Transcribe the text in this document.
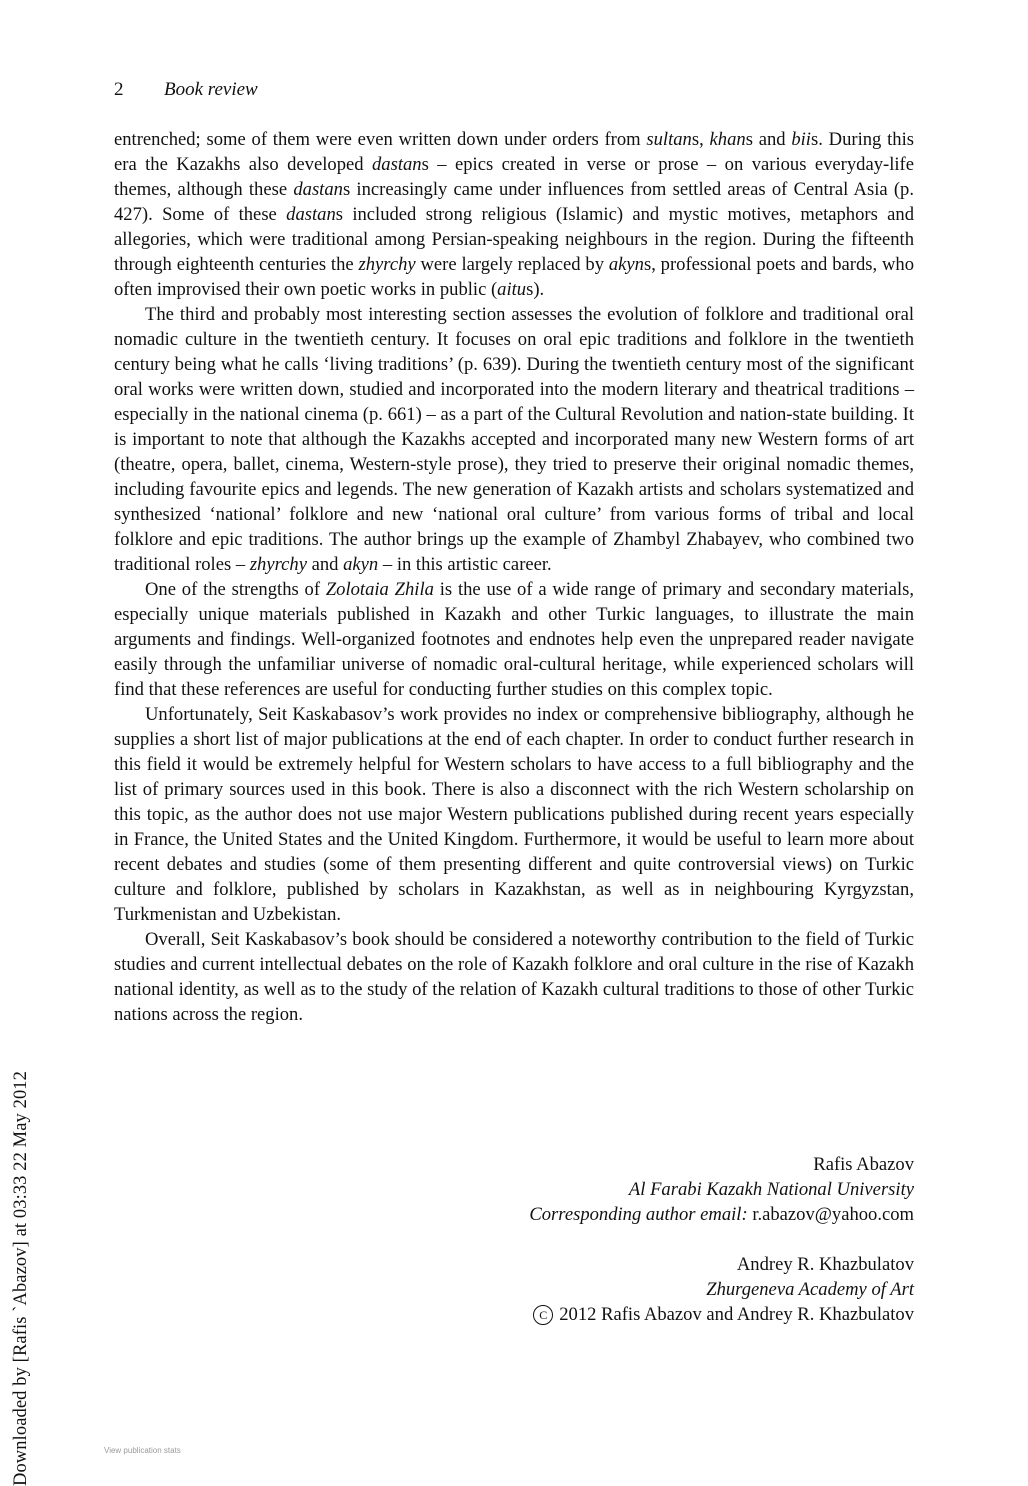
Downloaded by [Rafis `Abazov] at 03:33 22 May 2012
2 Book review

entrenched; some of them were even written down under orders from sultans, khans and biis. During this era the Kazakhs also developed dastans – epics created in verse or prose – on various everyday-life themes, although these dastans increasingly came under influences from settled areas of Central Asia (p. 427). Some of these dastans included strong religious (Islamic) and mystic motives, metaphors and allegories, which were traditional among Persian-speaking neighbours in the region. During the fifteenth through eighteenth centuries the zhyrchy were largely replaced by akyns, professional poets and bards, who often improvised their own poetic works in public (aitus).

The third and probably most interesting section assesses the evolution of folklore and traditional oral nomadic culture in the twentieth century. It focuses on oral epic traditions and folklore in the twentieth century being what he calls ‘living traditions’ (p. 639). During the twentieth century most of the significant oral works were written down, studied and incorporated into the modern literary and theatrical traditions – especially in the national cinema (p. 661) – as a part of the Cultural Revolution and nation-state building. It is important to note that although the Kazakhs accepted and incorporated many new Western forms of art (theatre, opera, ballet, cinema, Western-style prose), they tried to preserve their original nomadic themes, including favourite epics and legends. The new generation of Kazakh artists and scholars systematized and synthesized ‘national’ folklore and new ‘national oral culture’ from various forms of tribal and local folklore and epic traditions. The author brings up the example of Zhambyl Zhabayev, who combined two traditional roles – zhyrchy and akyn – in this artistic career.

One of the strengths of Zolotaia Zhila is the use of a wide range of primary and secondary materials, especially unique materials published in Kazakh and other Turkic languages, to illustrate the main arguments and findings. Well-organized footnotes and endnotes help even the unprepared reader navigate easily through the unfamiliar universe of nomadic oral-cultural heritage, while experienced scholars will find that these references are useful for conducting further studies on this complex topic.

Unfortunately, Seit Kaskabasov’s work provides no index or comprehensive bibliography, although he supplies a short list of major publications at the end of each chapter. In order to conduct further research in this field it would be extremely helpful for Western scholars to have access to a full bibliography and the list of primary sources used in this book. There is also a disconnect with the rich Western scholarship on this topic, as the author does not use major Western publications published during recent years especially in France, the United States and the United Kingdom. Furthermore, it would be useful to learn more about recent debates and studies (some of them presenting different and quite controversial views) on Turkic culture and folklore, published by scholars in Kazakhstan, as well as in neighbouring Kyrgyzstan, Turkmenistan and Uzbekistan.

Overall, Seit Kaskabasov’s book should be considered a noteworthy contribution to the field of Turkic studies and current intellectual debates on the role of Kazakh folklore and oral culture in the rise of Kazakh national identity, as well as to the study of the relation of Kazakh cultural traditions to those of other Turkic nations across the region.

Rafis Abazov
Al Farabi Kazakh National University
Corresponding author email: r.abazov@yahoo.com
Andrey R. Khazbulatov
Zhurgeneva Academy of Art
C 2012 Rafis Abazov and Andrey R. Khazbulatov
View publication stats
